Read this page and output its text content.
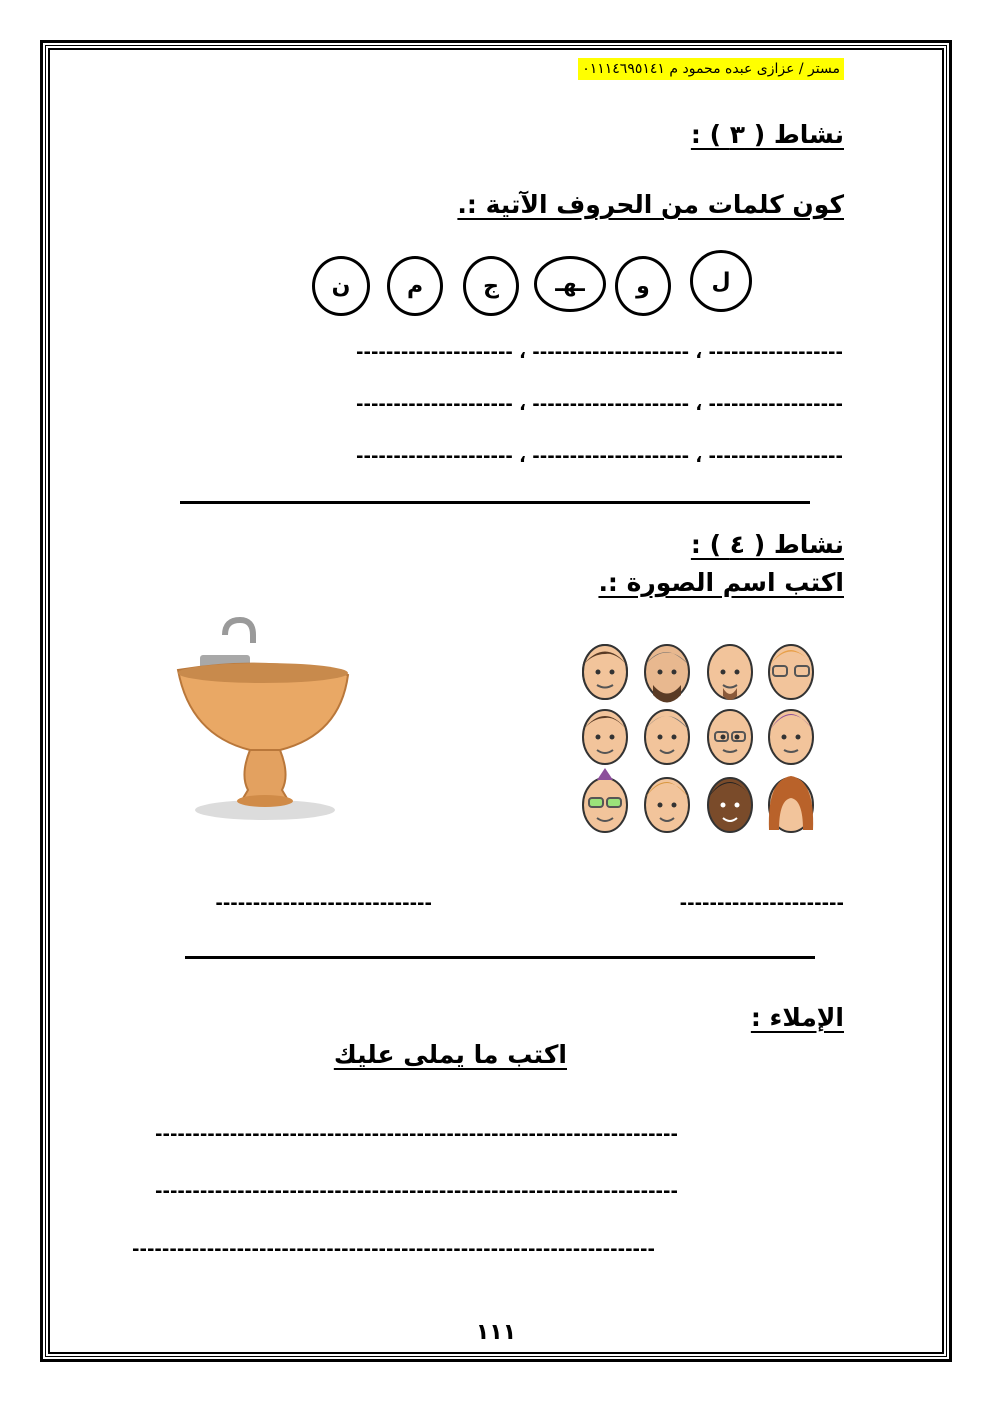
مستر / عزازى عبده محمود م ٠١١١٤٦٩٥١٤١
نشاط ( ٣ ) :
كون كلمات من الحروف الآتية :.
ل
و
ـهـ
ج
م
ن
------------------ ، --------------------- ، ---------------------
------------------ ، --------------------- ، ---------------------
------------------ ، --------------------- ، ---------------------
نشاط ( ٤ ) :
اكتب اسم الصورة :.
----------------------
-----------------------------
الإملاء :
اكتب ما يملى عليك
----------------------------------------------------------------------
----------------------------------------------------------------------
----------------------------------------------------------------------
١١١
